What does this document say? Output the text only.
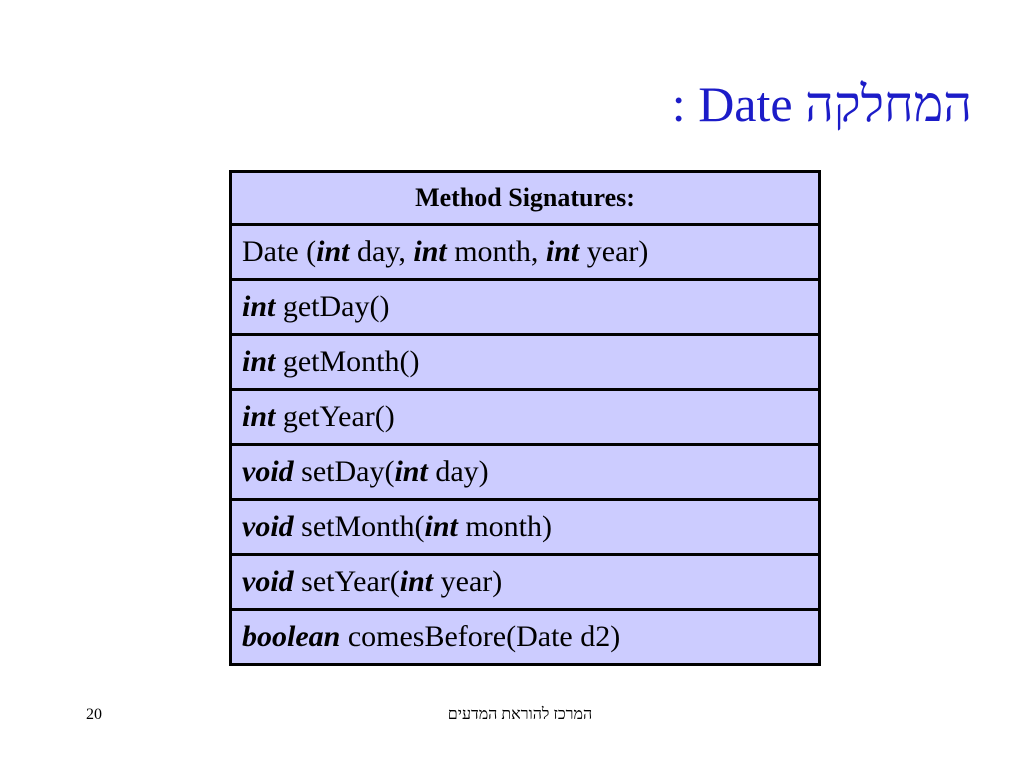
המחלקה Date :
Method Signatures:
Date (int day, int month, int year)
int getDay()
int getMonth()
int getYear()
void setDay(int day)
void setMonth(int month)
void setYear(int year)
boolean comesBefore(Date d2)
20	המרכז להוראת המדעים
